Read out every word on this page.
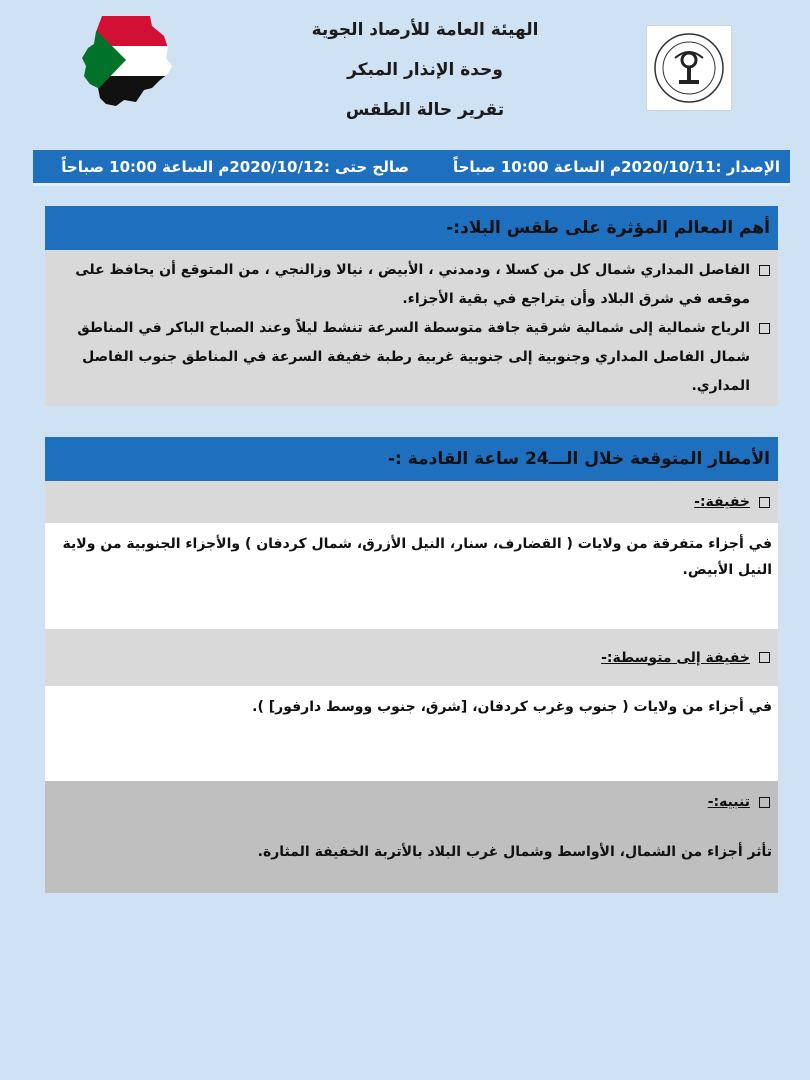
الهيئة العامة للأرصاد الجوية
وحدة الإنذار المبكر
تقرير حالة الطقس
الإصدار :2020/10/11م الساعة 10:00 صباحاً
صالح حتى :2020/10/12م الساعة 10:00 صباحاً
أهم المعالم المؤثرة على طقس البلاد:-
الفاصل المداري شمال كل من كسلا ، ودمدني ، الأبيض ، نيالا وزالنجي ، من المتوقع أن يحافظ على موقعه في شرق البلاد وأن يتراجع في بقية الأجزاء.
الرياح شمالية إلى شمالية شرقية جافة متوسطة السرعة تنشط ليلاً وعند الصباح الباكر في المناطق شمال الفاصل المداري وجنوبية إلى جنوبية غربية رطبة خفيفة السرعة في المناطق جنوب الفاصل المداري.
الأمطار المتوقعة خلال الـــ24 ساعة القادمة :-
خفيفة:-
في أجزاء متفرقة من ولايات ( القضارف، سنار، النيل الأزرق، شمال كردفان ) والأجزاء الجنوبية من ولاية النيل الأبيض.
خفيفة إلى متوسطة:-
في أجزاء من ولايات ( جنوب وغرب كردفان، [شرق، جنوب ووسط دارفور] ).
تنبيه:-
تأثر أجزاء من الشمال، الأواسط وشمال غرب البلاد بالأتربة الخفيفة المثارة.
